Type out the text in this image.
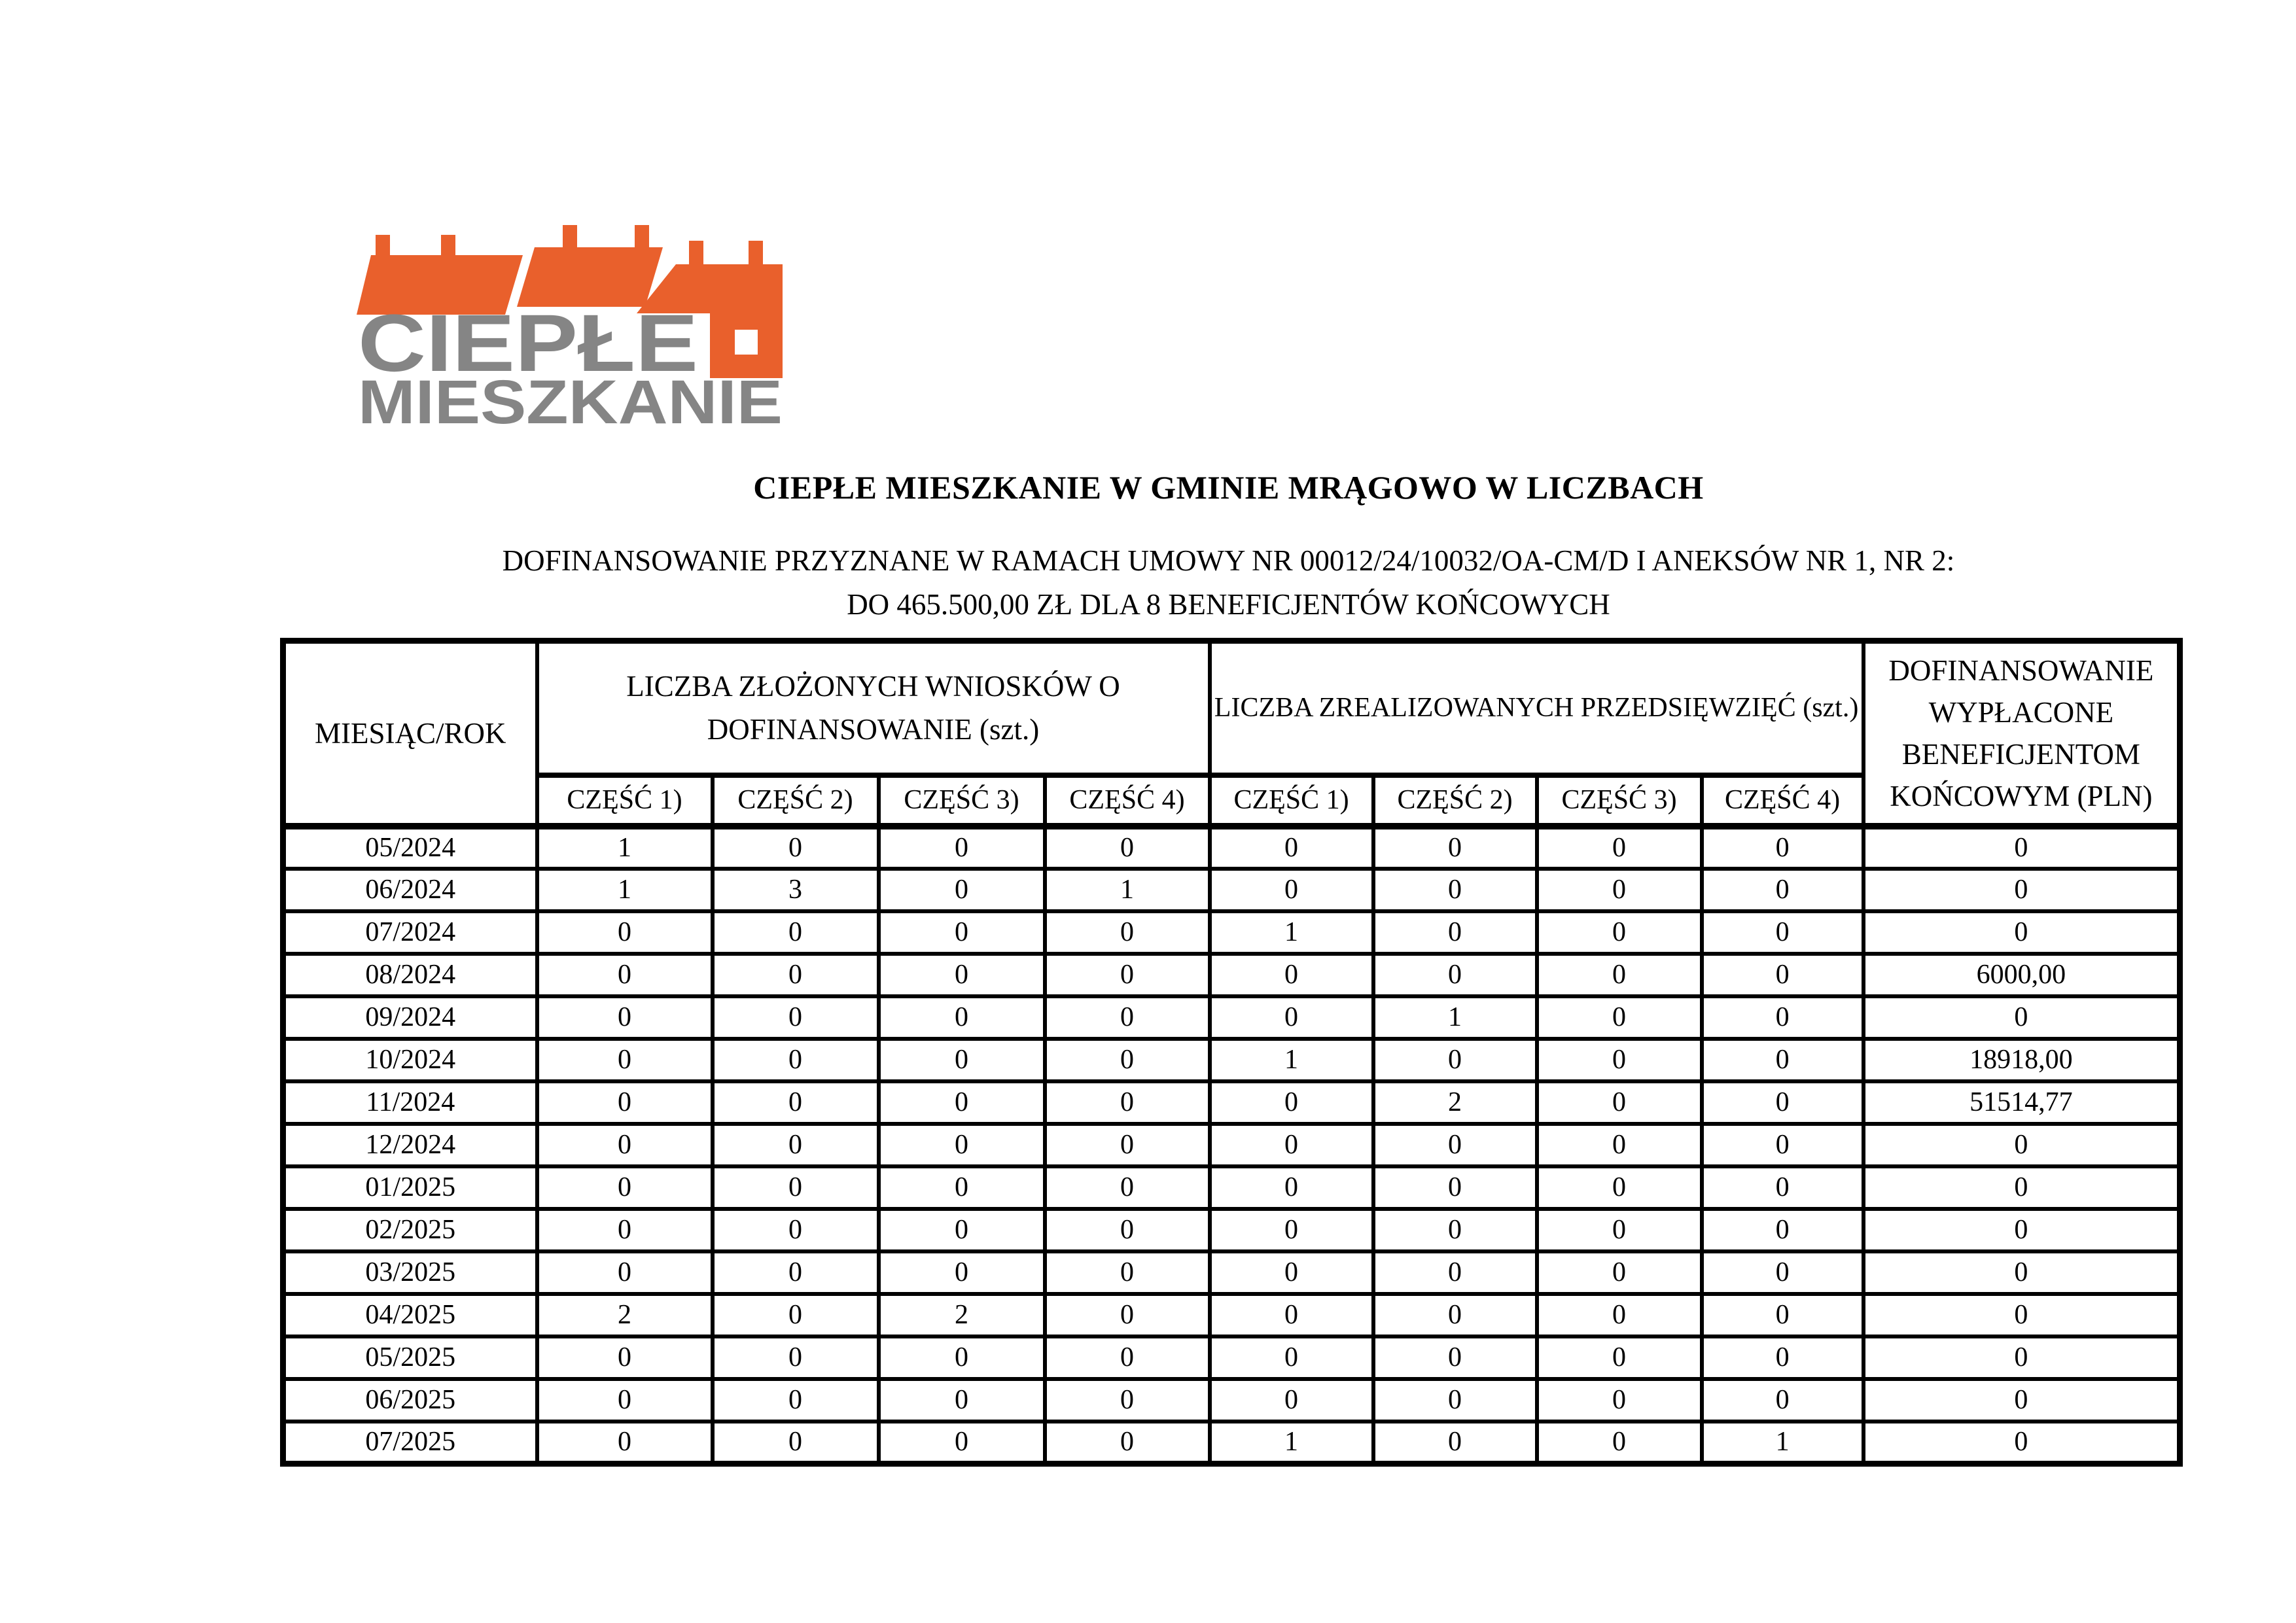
CIEPŁE
MIESZKANIE
CIEPŁE MIESZKANIE W GMINIE MRĄGOWO W LICZBACH
DOFINANSOWANIE PRZYZNANE W RAMACH UMOWY NR 00012/24/10032/OA-CM/D I ANEKSÓW NR 1, NR 2:
DO 465.500,00 ZŁ DLA 8 BENEFICJENTÓW KOŃCOWYCH
MIESIĄC/ROK	LICZBA ZŁOŻONYCH WNIOSKÓW O DOFINANSOWANIE (szt.)				LICZBA ZREALIZOWANYCH PRZEDSIĘWZIĘĆ (szt.)				DOFINANSOWANIE WYPŁACONE BENEFICJENTOM KOŃCOWYM (PLN)
	CZĘŚĆ 1)	CZĘŚĆ 2)	CZĘŚĆ 3)	CZĘŚĆ 4)	CZĘŚĆ 1)	CZĘŚĆ 2)	CZĘŚĆ 3)	CZĘŚĆ 4)	
05/2024	1	0	0	0	0	0	0	0	0
06/2024	1	3	0	1	0	0	0	0	0
07/2024	0	0	0	0	1	0	0	0	0
08/2024	0	0	0	0	0	0	0	0	6000,00
09/2024	0	0	0	0	0	1	0	0	0
10/2024	0	0	0	0	1	0	0	0	18918,00
11/2024	0	0	0	0	0	2	0	0	51514,77
12/2024	0	0	0	0	0	0	0	0	0
01/2025	0	0	0	0	0	0	0	0	0
02/2025	0	0	0	0	0	0	0	0	0
03/2025	0	0	0	0	0	0	0	0	0
04/2025	2	0	2	0	0	0	0	0	0
05/2025	0	0	0	0	0	0	0	0	0
06/2025	0	0	0	0	0	0	0	0	0
07/2025	0	0	0	0	1	0	0	1	0
